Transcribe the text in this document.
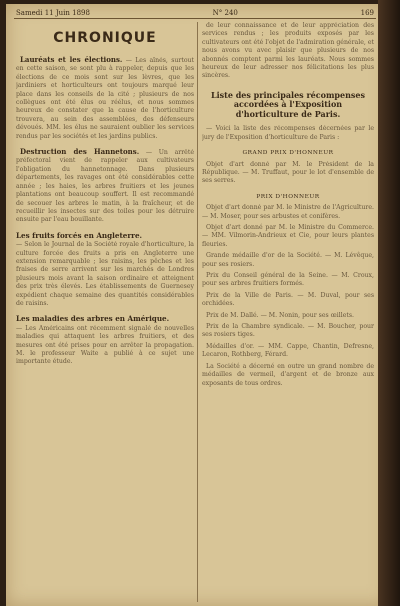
Samedi 11 Juin 1898	N° 240	169
CHRONIQUE

Lauréats et les élections. — Les aînés, surtout en cette saison, se sont plu à rappeler, depuis que les élections de ce mois sont sur les lèvres, que les jardiniers et horticulteurs ont toujours marqué leur place dans les conseils de la cité ; plusieurs de nos collègues ont été élus ou réélus, et nous sommes heureux de constater que la cause de l'horticulture trouvera, au sein des assemblées, des défenseurs dévoués. MM. les élus ne sauraient oublier les services rendus par les sociétés et les jardins publics.

Destruction des Hannetons. — Un arrêté préfectoral vient de rappeler aux cultivateurs l'obligation du hannetonnage. Dans plusieurs départements, les ravages ont été considérables cette année ; les haies, les arbres fruitiers et les jeunes plantations ont beaucoup souffert. Il est recommandé de secouer les arbres le matin, à la fraîcheur, et de recueillir les insectes sur des toiles pour les détruire ensuite par l'eau bouillante.

Les fruits forcés en Angleterre.
— Selon le Journal de la Société royale d'horticulture, la culture forcée des fruits a pris en Angleterre une extension remarquable ; les raisins, les pêches et les fraises de serre arrivent sur les marchés de Londres plusieurs mois avant la saison ordinaire et atteignent des prix très élevés. Les établissements de Guernesey expédient chaque semaine des quantités considérables de raisins.

Les maladies des arbres en Amérique.
— Les Américains ont récemment signalé de nouvelles maladies qui attaquent les arbres fruitiers, et des mesures ont été prises pour en arrêter la propagation. M. le professeur Waite a publié à ce sujet une importante étude.

de leur connaissance et de leur appréciation des services rendus ; les produits exposés par les cultivateurs ont été l'objet de l'admiration générale, et nous avons vu avec plaisir que plusieurs de nos abonnés comptent parmi les lauréats. Nous sommes heureux de leur adresser nos félicitations les plus sincères.

Liste des principales récompenses accordées à l'Exposition d'horticulture de Paris.

— Voici la liste des récompenses décernées par le jury de l'Exposition d'horticulture de Paris :

GRAND PRIX D'HONNEUR

Objet d'art donné par M. le Président de la République. — M. Truffaut, pour le lot d'ensemble de ses serres.

PRIX D'HONNEUR

Objet d'art donné par M. le Ministre de l'Agriculture. — M. Moser, pour ses arbustes et conifères.

Objet d'art donné par M. le Ministre du Commerce. — MM. Vilmorin-Andrieux et Cie, pour leurs plantes fleuries.

Grande médaille d'or de la Société. — M. Lévêque, pour ses rosiers.

Prix du Conseil général de la Seine. — M. Croux, pour ses arbres fruitiers formés.

Prix de la Ville de Paris. — M. Duval, pour ses orchidées.

Prix de M. Dallé. — M. Nonin, pour ses œillets.

Prix de la Chambre syndicale. — M. Boucher, pour ses rosiers tiges.

Médailles d'or. — MM. Cappe, Chantin, Defresne, Lecaron, Rothberg, Férard.

La Société a décerné en outre un grand nombre de médailles de vermeil, d'argent et de bronze aux exposants de tous ordres.
